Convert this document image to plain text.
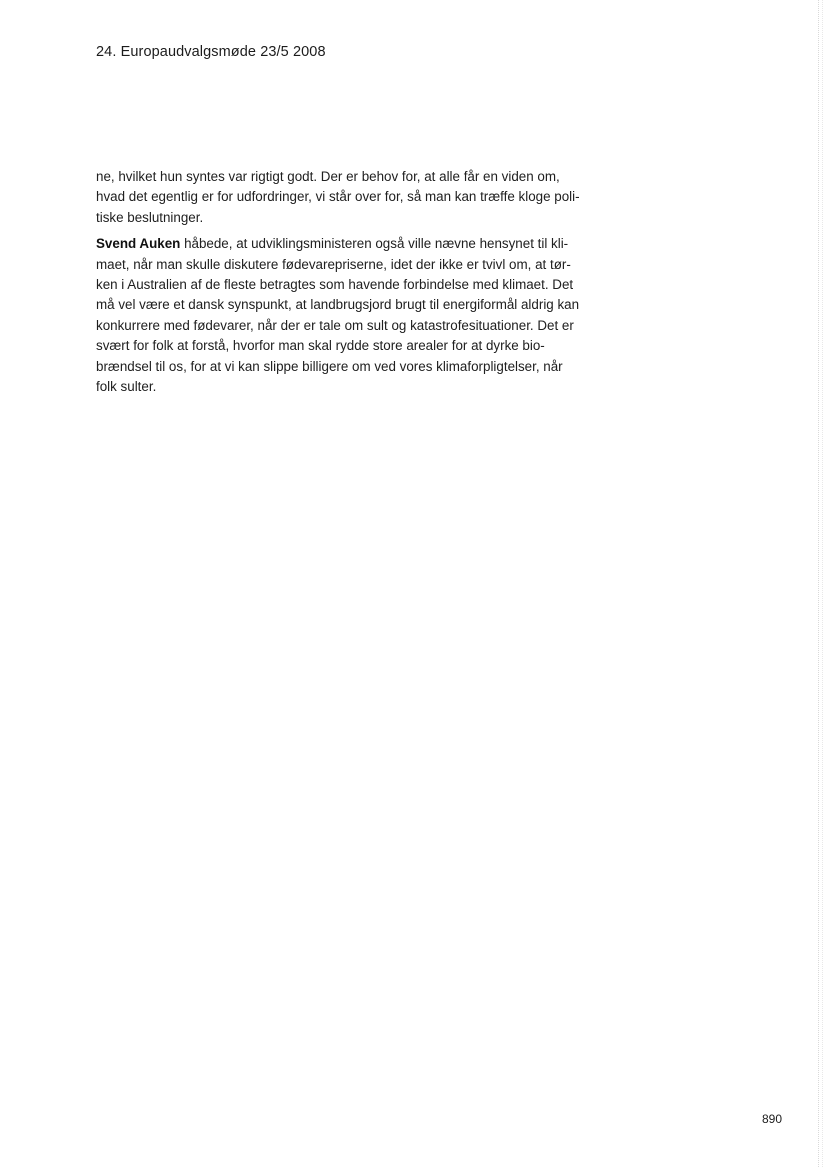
24. Europaudvalgsmøde 23/5 2008
ne, hvilket hun syntes var rigtigt godt. Der er behov for, at alle får en viden om,
hvad det egentlig er for udfordringer, vi står over for, så man kan træffe kloge poli-
tiske beslutninger.
Svend Auken håbede, at udviklingsministeren også ville nævne hensynet til kli-
maet, når man skulle diskutere fødevarepriserne, idet der ikke er tvivl om, at tør-
ken i Australien af de fleste betragtes som havende forbindelse med klimaet. Det
må vel være et dansk synspunkt, at landbrugsjord brugt til energiformål aldrig kan
konkurrere med fødevarer, når der er tale om sult og katastrofesituationer. Det er
svært for folk at forstå, hvorfor man skal rydde store arealer for at dyrke bio-
brændsel til os, for at vi kan slippe billigere om ved vores klimaforpligtelser, når
folk sulter.
890
